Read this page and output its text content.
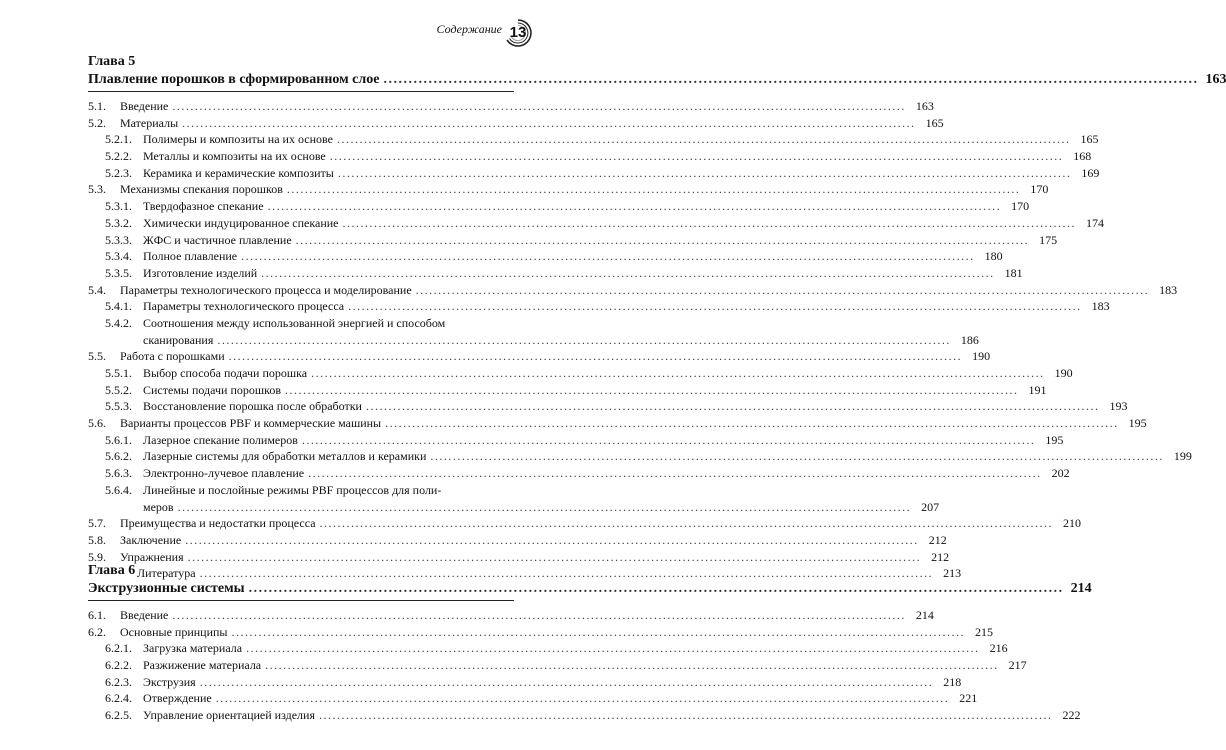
Содержание 13
Глава 5
Плавление порошков в сформированном слое .....	163
5.1.	Введение .....	163
5.2.	Материалы .....	165
5.2.1. Полимеры и композиты на их основе .....	165
5.2.2. Металлы и композиты на их основе .....	168
5.2.3. Керамика и керамические композиты .....	169
5.3.	Механизмы спекания порошков .....	170
5.3.1. Твердофазное спекание .....	170
5.3.2. Химически индуцированное спекание .....	174
5.3.3. ЖФС и частичное плавление .....	175
5.3.4. Полное плавление .....	180
5.3.5. Изготовление изделий .....	181
5.4.	Параметры технологического процесса и моделирование .....	183
5.4.1. Параметры технологического процесса .....	183
5.4.2. Соотношения между использованной энергией и способом
сканирования .....	186
5.5.	Работа с порошками .....	190
5.5.1. Выбор способа подачи порошка .....	190
5.5.2. Системы подачи порошков .....	191
5.5.3. Восстановление порошка после обработки .....	193
5.6.	Варианты процессов PBF и коммерческие машины .....	195
5.6.1. Лазерное спекание полимеров .....	195
5.6.2. Лазерные системы для обработки металлов и керамики .....	199
5.6.3. Электронно-лучевое плавление .....	202
5.6.4. Линейные и послойные режимы PBF процессов для поли-
меров .....	207
5.7.	Преимущества и недостатки процесса .....	210
5.8.	Заключение .....	212
5.9.	Упражнения .....	212
Литература .....	213
Глава 6
Экструзионные системы .....	214
6.1.	Введение .....	214
6.2.	Основные принципы .....	215
6.2.1. Загрузка материала .....	216
6.2.2. Разжижение материала .....	217
6.2.3. Экструзия .....	218
6.2.4. Отверждение .....	221
6.2.5. Управление ориентацией изделия .....	222
